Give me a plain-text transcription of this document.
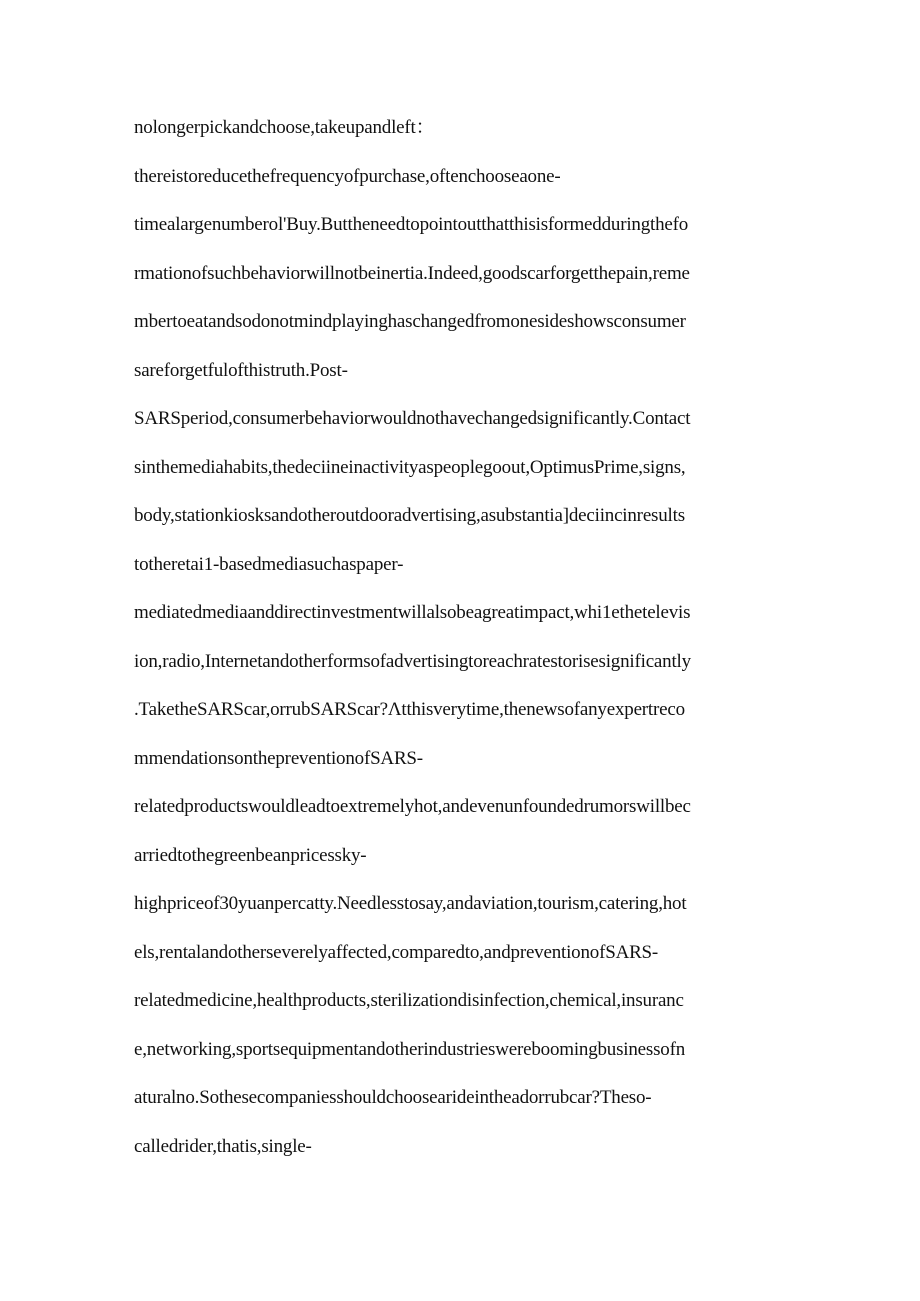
nolongerpickandchoose,takeupandleft：
thereistoreducethefrequencyofpurchase,oftenchooseaone-
timealargenumberol'Buy.Buttheneedtopointoutthatthisisformedduringthefo
rmationofsuchbehaviorwillnotbeinertia.Indeed,goodscarforgetthepain,reme
mbertoeatandsodonotmindplayinghaschangedfromonesideshowsconsumer
sareforgetfulofthistruth.Post-
SARSperiod,consumerbehaviorwouldnothavechangedsignificantly.Contact
sinthemediahabits,thedeciineinactivityaspeoplegoout,OptimusPrime,signs,
body,stationkiosksandotheroutdooradvertising,asubstantia]deciincinresults
totheretai1-basedmediasuchaspaper-
mediatedmediaanddirectinvestmentwillalsobeagreatimpact,whi1ethetelevis
ion,radio,Internetandotherformsofadvertisingtoreachratestorisesignificantly
.TaketheSARScar,orrubSARScar?Λtthisverytime,thenewsofanyexpertreco
mmendationsonthepreventionofSARS-
relatedproductswouldleadtoextremelyhot,andevenunfoundedrumorswillbec
arriedtothegreenbeanpricessky-
highpriceof30yuanpercatty.Needlesstosay,andaviation,tourism,catering,hot
els,rentalandotherseverelyaffected,comparedto,andpreventionofSARS-
relatedmedicine,healthproducts,sterilizationdisinfection,chemical,insuranc
e,networking,sportsequipmentandotherindustrieswereboomingbusinessofn
aturalno.Sothesecompaniesshouldchoosearideintheadorrubcar?Theso-
calledrider,thatis,single-
